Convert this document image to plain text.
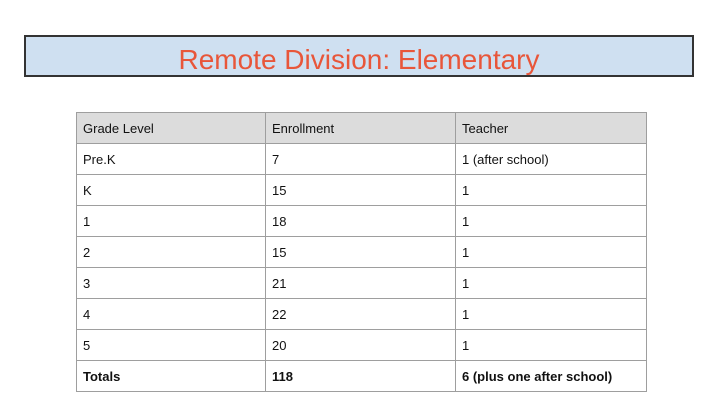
Remote Division: Elementary
Grade Level	Enrollment	Teacher
Pre.K	7	1 (after school)
K	15	1
1	18	1
2	15	1
3	21	1
4	22	1
5	20	1
Totals	118	6 (plus one after school)
